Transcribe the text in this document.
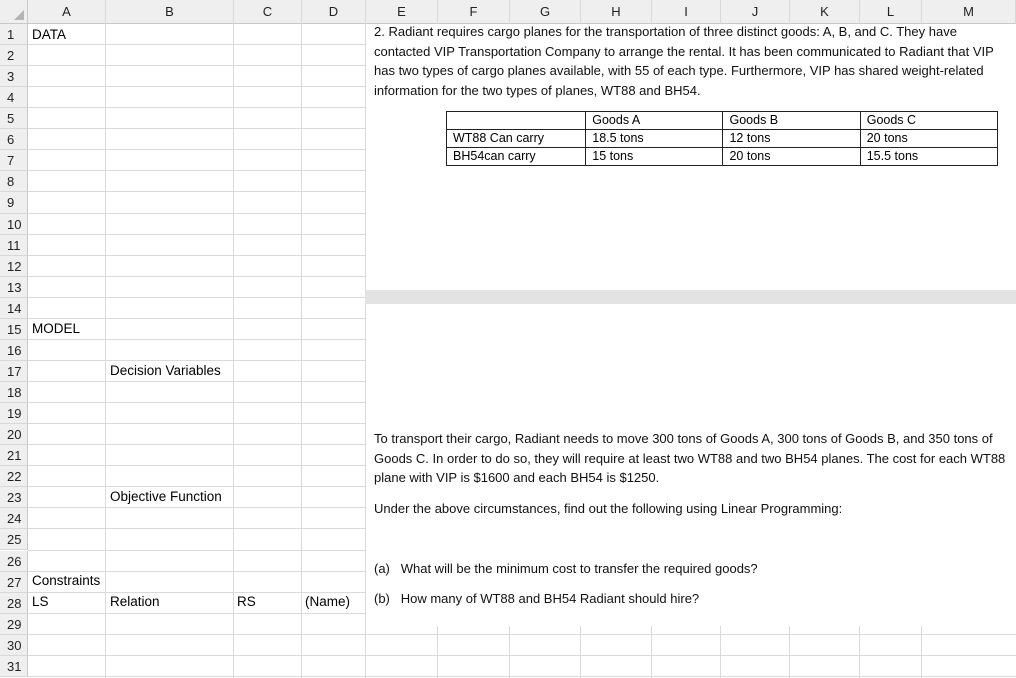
A	B	C	D	E	F	G	H	I	J	K	L	M
1
2
3
4
5
6
7
8
9
10
11
12
13
14
15
16
17
18
19
20
21
22
23
24
25
26
27
28
29
30
31
DATA
MODEL
Decision Variables
Objective Function
Constraints
LS	Relation	RS	(Name)
2. Radiant requires cargo planes for the transportation of three distinct goods: A, B, and C. They have contacted VIP Transportation Company to arrange the rental. It has been communicated to Radiant that VIP has two types of cargo planes available, with 55 of each type. Furthermore, VIP has shared weight-related information for the two types of planes, WT88 and BH54.
	Goods A	Goods B	Goods C
WT88 Can carry	18.5 tons	12 tons	20 tons
BH54can carry	15 tons	20 tons	15.5 tons
To transport their cargo, Radiant needs to move 300 tons of Goods A, 300 tons of Goods B, and 350 tons of Goods C. In order to do so, they will require at least two WT88 and two BH54 planes. The cost for each WT88 plane with VIP is $1600 and each BH54 is $1250.
Under the above circumstances, find out the following using Linear Programming:
(a)   What will be the minimum cost to transfer the required goods?
(b)   How many of WT88 and BH54 Radiant should hire?
